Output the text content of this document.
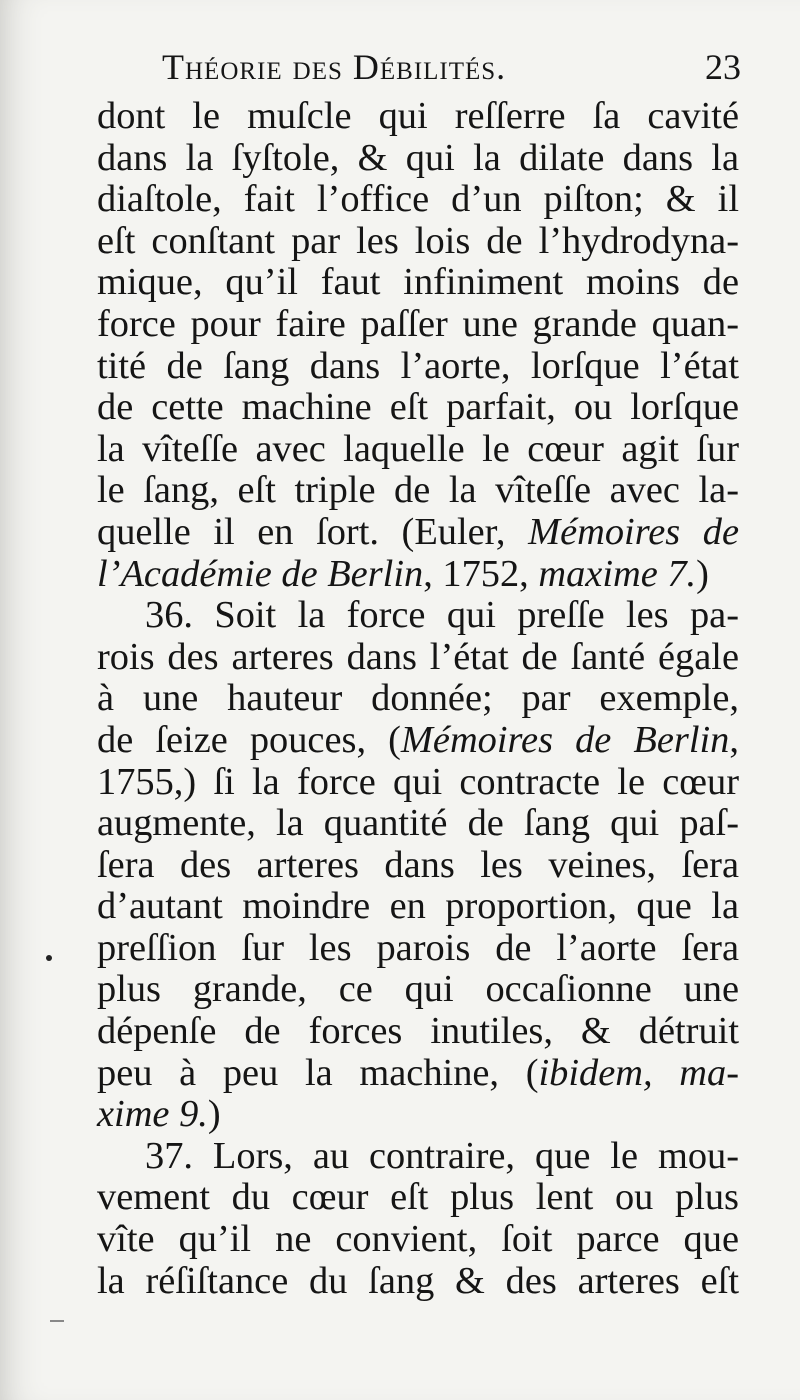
Théorie des Débilités.	23
dont le muſcle qui reſſerre ſa cavité
dans la ſyſtole, & qui la dilate dans la
diaſtole, fait l’office d’un piſton; & il
eſt conſtant par les lois de l’hydrodyna-
mique, qu’il faut infiniment moins de
force pour faire paſſer une grande quan-
tité de ſang dans l’aorte, lorſque l’état
de cette machine eſt parfait, ou lorſque
la vîteſſe avec laquelle le cœur agit ſur
le ſang, eſt triple de la vîteſſe avec la-
quelle il en ſort. (Euler, Mémoires de
l’Académie de Berlin, 1752, maxime 7.)
36. Soit la force qui preſſe les pa-
rois des arteres dans l’état de ſanté égale
à une hauteur donnée; par exemple,
de ſeize pouces, (Mémoires de Berlin,
1755,) ſi la force qui contracte le cœur
augmente, la quantité de ſang qui paſ-
ſera des arteres dans les veines, ſera
d’autant moindre en proportion, que la
preſſion ſur les parois de l’aorte ſera
plus grande, ce qui occaſionne une
dépenſe de forces inutiles, & détruit
peu à peu la machine, (ibidem, ma-
xime 9.)
37. Lors, au contraire, que le mou-
vement du cœur eſt plus lent ou plus
vîte qu’il ne convient, ſoit parce que
la réſiſtance du ſang & des arteres eſt
